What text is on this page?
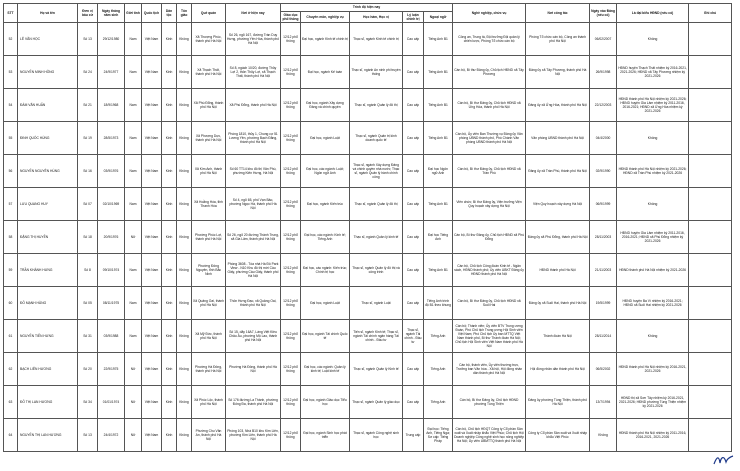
STT	Họ và tên	Đơn vị bầu cử	Ngày tháng năm sinh	Giới tính	Quốc tịch	Dân tộc	Tôn giáo	Quê quán	Nơi ở hiện nay	Trình độ hiện nay					Nghề nghiệp, chức vụ	Nơi công tác	Ngày vào Đảng (nếu có)	Là đại biểu HĐND (nếu có)	Ghi chú
										Giáo dục phổ thông	Chuyên môn, nghiệp vụ	Học hàm, Học vị	Lý luận chính trị	Ngoại ngữ					
52	LÊ VĂN HỌC	Số 13	29/12/1980	Nam	Việt Nam	Kinh	Không	Xã Thượng Phúc, thành phố Hà Nội	Số 26, ngõ 167, đường Trần Duy Hưng, phường Yên Hòa, thành phố Hà Nội	12/12 phổ thông	Đại học, ngành Kinh tế chính trị	Thạc sĩ, ngành Kinh tế chính trị	Cao cấp	Tiếng Anh B1	Công an, Trung tá, Đội trưởng Đội quản lý chiến lược, Phòng Tổ chức cán bộ	Phòng Tổ chức cán bộ, Công an thành phố Hà Nội	06/02/2007	Không	
53	NGUYỄN MINH HỒNG	Số 24	24/9/1977	Nam	Việt Nam	Kinh	Không	Xã Thạch Thất, thành phố Hà Nội	Số 8, ngách 10/20, đường Thủy Lợi 2, thôn Thủy Lợi, xã Thạch Thất, thành phố Hà Nội	12/12 phổ thông	Đại học, ngành Kế toán	Thạc sĩ, ngành An ninh phi truyền thống	Cao cấp	Tiếng Anh B1	Cán bộ, Bí thư Đảng ủy, Chủ tịch HĐND xã Tây Phương	Đảng ủy xã Tây Phương, thành phố Hà Nội	26/9/1998	HĐND huyện Thạch Thất nhiệm kỳ 2016-2021, 2021-2026; HĐND xã Tây Phương nhiệm kỳ 2021-2026	
54	ĐÀM VĂN HUẤN	Số 21	18/9/1968	Nam	Việt Nam	Kinh	Không	Xã Phù Đổng, thành phố Hà Nội	Xã Phù Đổng, thành phố Hà Nội	12/12 phổ thông	Đại học, ngành Xây dựng Đảng và chính quyền	Thạc sĩ, ngành Quản lý đô thị	Cao cấp	Tiếng Anh B1	Cán bộ, Bí thư Đảng ủy, Chủ tịch HĐND xã Ứng Hòa, thành phố Hà Nội	Đảng ủy xã Ứng Hòa, thành phố Hà Nội	22/12/2003	HĐND thành phố Hà Nội nhiệm kỳ 2021-2026; HĐND huyện Gia Lâm nhiệm kỳ 2011-2016, 2016-2021; HĐND xã Ứng Hòa nhiệm kỳ 2021-2026	
55	ĐINH QUỐC HÙNG	Số 19	28/5/1973	Nam	Việt Nam	Kinh	Không	Xã Phượng Dực, thành phố Hà Nội	Phòng 1810, thủy 1, Chung cư 51 Lương Yên, phường Bạch Đằng, thành phố Hà Nội	12/12 phổ thông	Đại học, ngành Luật	Thạc sĩ, ngành Quản trị kinh doanh quốc tế	Cao cấp	Tiếng Anh B1	Cán bộ, Ủy viên Ban Thường vụ Đảng ủy Văn phòng UBND thành phố, Phó Chánh Văn phòng UBND thành phố Hà Nội	Văn phòng UBND thành phố Hà Nội	04/4/2000	Không	
56	NGUYỄN NGUYÊN HÙNG	Số 16	03/9/1976	Nam	Việt Nam	Kinh	Không	Xã Kim Anh, thành phố Hà Nội	Số 60 TT14 khu đô thị Văn Phú, phường Kiến Hưng, Hà Nội	12/12 phổ thông	Đại học, các ngành: Luật; Ngôn ngữ Anh	Thạc sĩ, ngành Xây dựng Đảng và chính quyền nhà nước; Thạc sĩ, ngành Quản lý hành chính công	Cao cấp	Đại học Ngôn ngữ Anh	Cán bộ, Bí thư Đảng ủy, Chủ tịch HĐND xã Trần Phú	Đảng ủy xã Trần Phú, thành phố Hà Nội	02/9/1990	HĐND thành phố Hà Nội nhiệm kỳ 2021-2026; HĐND xã Trần Phú nhiệm kỳ 2021-2026	
57	LƯU QUANG HUY	Số 07	02/10/1969	Nam	Việt Nam	Kinh	Không	Xã Hoằng Hóa, tỉnh Thanh Hóa	Số 4, ngõ 65, phố Vạn Bảo, phường Ngọc Hà, thành phố Hà Nội	12/12 phổ thông	Đại học, ngành Kiến trúc	Thạc sĩ, ngành Quản lý đô thị	Cao cấp	Tiếng Anh B1	Viên chức; Bí thư Đảng ủy, Viện trưởng Viện Quy hoạch xây dựng Hà Nội	Viện Quy hoạch xây dựng Hà Nội	06/9/1999	Không	
58	ĐẶNG THỊ HUYỀN	Số 18	20/9/1976	Nữ	Việt Nam	Kinh	Không	Phường Phúc Lợi, thành phố Hà Nội	Số 26, ngõ 20 đường Thành Trung, xã Gia Lâm, thành phố Hà Nội	12/12 phổ thông	Đại học, các ngành: Kinh tế; Tiếng Anh	Thạc sĩ, ngành Quản lý kinh tế	Cao cấp	Đại học Tiếng Anh	Cán bộ, Bí thư Đảng ủy, Chủ tịch HĐND xã Phù Đổng	Đảng ủy xã Phù Đổng, thành phố Hà Nội	28/11/2003	HĐND huyện Gia Lâm nhiệm kỳ 2011-2016, 2016-2021; HĐND xã Phù Đổng nhiệm kỳ 2021-2026	
59	TRẦN KHÁNH HƯNG	Số 8	09/10/1974	Nam	Việt Nam	Kinh	Không	Phường Đông Nguyên, tỉnh Bắc Ninh	Phòng 3608 - Tòa nhà Hà Đô Park View - N10 Khu đô thị mới Cầu Giấy, phường Cầu Giấy, thành phố Hà Nội	12/12 phổ thông	Đại học, các ngành: Kiến trúc; Chính trị học	Thạc sĩ, ngành Quản lý đô thị và công trình	Cao cấp	Tiếng Anh B1	Cán bộ, Chủ tịch Công đoàn Kinh tế - Ngân sách, HĐND thành phố; Ủy viên UBKT Đảng ủy HĐND thành phố Hà Nội	HĐND thành phố Hà Nội	21/11/2003	HĐND thành phố Hà Nội nhiệm kỳ 2021-2026	
60	ĐỖ MẠNH HÙNG	Số 05	08/11/1975	Nam	Việt Nam	Kinh	Không	Xã Quảng Oai, thành phố Hà Nội	Thôn Hưng Đạo, xã Quảng Oai, thành phố Hà Nội	12/12 phổ thông	Đại học, ngành Luật	Thạc sĩ, ngành Luật	Cao cấp	Tiếng Anh trình độ B1 theo khung	Cán bộ, Bí thư Đảng ủy, Chủ tịch HĐND xã Suối Hai	Đảng ủy xã Suối Hai, thành phố Hà Nội	19/5/1999	HĐND huyện Ba Vì nhiệm kỳ 2016-2021; HĐND xã Suối Hai nhiệm kỳ 2021-2026	
61	NGUYỄN TIẾN HƯNG	Số 31	03/9/1988	Nam	Việt Nam	Kinh	Không	Xã Mỹ Đức, thành phố Hà Nội	Số 15, dãy 16A7, Làng Việt Kiều Châu Âu, phường Mộ Lao, thành phố Hà Nội	12/12 phổ thông	Đại học, ngành Tài chính Quốc tế	Tiến sĩ, ngành Kinh tế; Thạc sĩ, ngành Tài chính ngân hàng Tài chính - Đầu tư	Thạc sĩ, ngành Tài chính - Đầu tư	Tiếng Anh	Cán bộ; Thành viên; Ủy viên BTV Trung ương Đoàn, Phó Chủ tịch Trung ương Hội Sinh viên Việt Nam; Phó Chủ tịch Ủy ban MTTQ Việt Nam thành phố, Bí thư Thành đoàn Hà Nội; Chủ tịch Hội Sinh viên Việt Nam thành phố Hà Nội	Thành đoàn Hà Nội	28/11/2014	Không	
62	BẠCH LIÊN HƯƠNG	Số 20	22/9/1975	Nữ	Việt Nam	Kinh	Không	Phường Hà Đông, thành phố Hà Nội	Phường Hà Đông, thành phố Hà Nội	12/12 phổ thông	Đại học, các ngành: Quản lý kinh tế; Luật kinh tế	Thạc sĩ, ngành Quản lý Kinh tế	Cao cấp	Tiếng Anh	Cán bộ, thành viên, Ủy viên thường trực, Trưởng ban Văn hóa - Xã hội, Hội đồng nhân dân thành phố Hà Nội	Hội đồng nhân dân thành phố Hà Nội	06/5/2002	HĐND thành phố Hà Nội nhiệm kỳ 2016-2021, 2021-2026	
63	ĐỖ THỊ LAN HƯƠNG	Số 34	01/01/1974	Nữ	Việt Nam	Kinh	Không	Xã Phúc Lộc, thành phố Hà Nội	Số 176 đường La Thành, phường Đống Đa, thành phố Hà Nội	12/12 phổ thông	Đại học, ngành Giáo dục Tiểu học	Thạc sĩ, ngành Quản lý giáo dục	Cao cấp	Tiếng Anh	Cán bộ, Bí thư Đảng ủy, Chủ tịch HĐND phường Tùng Thiện	Đảng ủy phường Tùng Thiện, thành phố Hà Nội	13/7/1994	HĐND thị xã Sơn Tây nhiệm kỳ 2016-2021, 2021-2026; HĐND phường Tùng Thiện nhiệm kỳ 2021-2026	
64	NGUYỄN THỊ LAN HƯƠNG	Số 13	24/4/1972	Nữ	Việt Nam	Kinh	Không	Phường Chu Văn An, thành phố Hà Nội	Phòng 103, Nhà B10 khu Kim Liên, phường Kim Liên, thành phố Hà Nội	12/12 phổ thông	Đại học, ngành Sinh học phát triển	Thạc sĩ, ngành Công nghệ sinh học	Trung cấp	Đại học: Tiếng Anh, Tiếng Nga; Sơ cấp: Tiếng Pháp	Cán bộ, Chủ tịch HĐQT Công ty Cổ phần Sản xuất và Xuất nhập khẩu Việt Phúc; Chủ tịch Hội Doanh nghiệp Công nghệ sinh học nông nghiệp Hà Nội; Ủy viên UBMTTQ thành phố Hà Nội	Công ty Cổ phần Sản xuất và Xuất nhập khẩu Việt Phúc	Không	HĐND thành phố Hà Nội nhiệm kỳ 2011-2016, 2016-2021, 2021-2026	
